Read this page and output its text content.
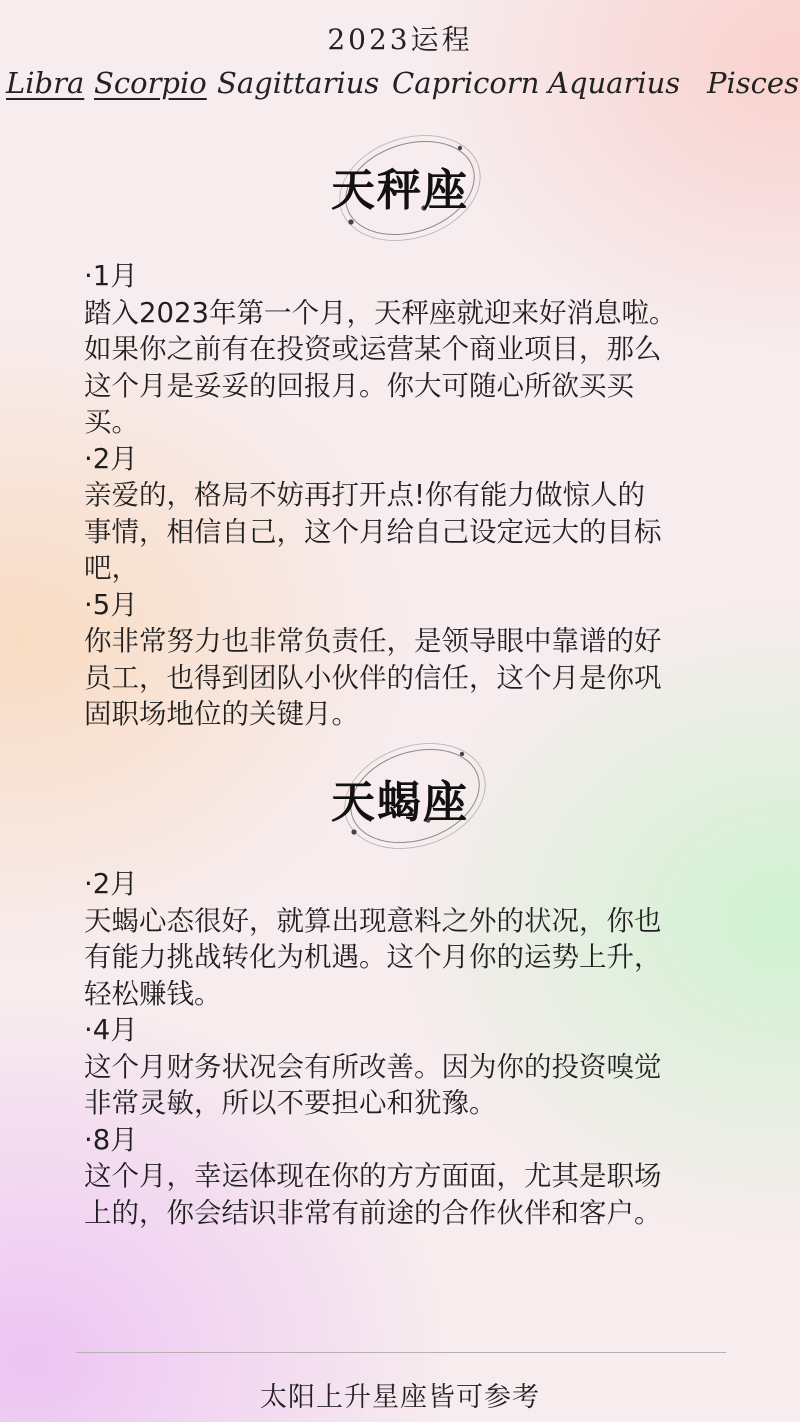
2023运程
Libra Scorpio Sagittarius Capricorn Aquarius Pisces
天秤座

·1月

踏入2023年第一个月，天秤座就迎来好消息啦。

如果你之前有在投资或运营某个商业项目，那么

这个月是妥妥的回报月。你大可随心所欲买买

买。

·2月

亲爱的，格局不妨再打开点!你有能力做惊人的

事情，相信自己，这个月给自己设定远大的目标

吧，

·5月

你非常努力也非常负责任，是领导眼中靠谱的好

员工，也得到团队小伙伴的信任，这个月是你巩

固职场地位的关键月。

天蝎座

·2月

天蝎心态很好，就算出现意料之外的状况，你也

有能力挑战转化为机遇。这个月你的运势上升，

轻松赚钱。

·4月

这个月财务状况会有所改善。因为你的投资嗅觉

非常灵敏，所以不要担心和犹豫。

·8月

这个月，幸运体现在你的方方面面，尤其是职场

上的，你会结识非常有前途的合作伙伴和客户。

太阳上升星座皆可参考
